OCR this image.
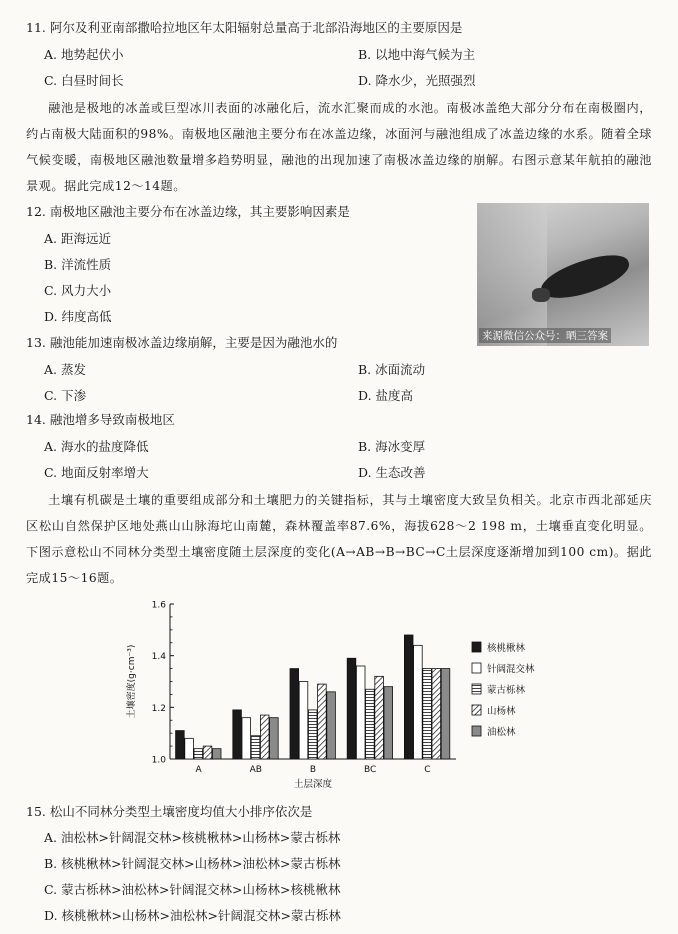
11. 阿尔及利亚南部撒哈拉地区年太阳辐射总量高于北部沿海地区的主要原因是
A. 地势起伏小	B. 以地中海气候为主
C. 白昼时间长	D. 降水少，光照强烈
融池是极地的冰盖或巨型冰川表面的冰融化后，流水汇聚而成的水池。南极冰盖绝大部分分布在南极圈内，约占南极大陆面积的98%。南极地区融池主要分布在冰盖边缘，冰面河与融池组成了冰盖边缘的水系。随着全球气候变暖，南极地区融池数量增多趋势明显，融池的出现加速了南极冰盖边缘的崩解。右图示意某年航拍的融池景观。据此完成12～14题。
12. 南极地区融池主要分布在冰盖边缘，其主要影响因素是
A. 距海远近
B. 洋流性质
C. 风力大小
D. 纬度高低
来源微信公众号：晒三答案
13. 融池能加速南极冰盖边缘崩解，主要是因为融池水的
A. 蒸发	B. 冰面流动
C. 下渗	D. 盐度高
14. 融池增多导致南极地区
A. 海水的盐度降低	B. 海冰变厚
C. 地面反射率增大	D. 生态改善
土壤有机碳是土壤的重要组成部分和土壤肥力的关键指标，其与土壤密度大致呈负相关。北京市西北部延庆区松山自然保护区地处燕山山脉海坨山南麓，森林覆盖率87.6%，海拔628～2 198 m，土壤垂直变化明显。下图示意松山不同林分类型土壤密度随土层深度的变化(A→AB→B→BC→C土层深度逐渐增加到100 cm)。据此完成15～16题。
1.0
1.2
1.4
1.6
土壤密度(g·cm⁻³)
土层深度
A	AB	B	BC	C
核桃楸林
针阔混交林
蒙古栎林
山杨林
油松林
15. 松山不同林分类型土壤密度均值大小排序依次是
A. 油松林>针阔混交林>核桃楸林>山杨林>蒙古栎林
B. 核桃楸林>针阔混交林>山杨林>油松林>蒙古栎林
C. 蒙古栎林>油松林>针阔混交林>山杨林>核桃楸林
D. 核桃楸林>山杨林>油松林>针阔混交林>蒙古栎林
